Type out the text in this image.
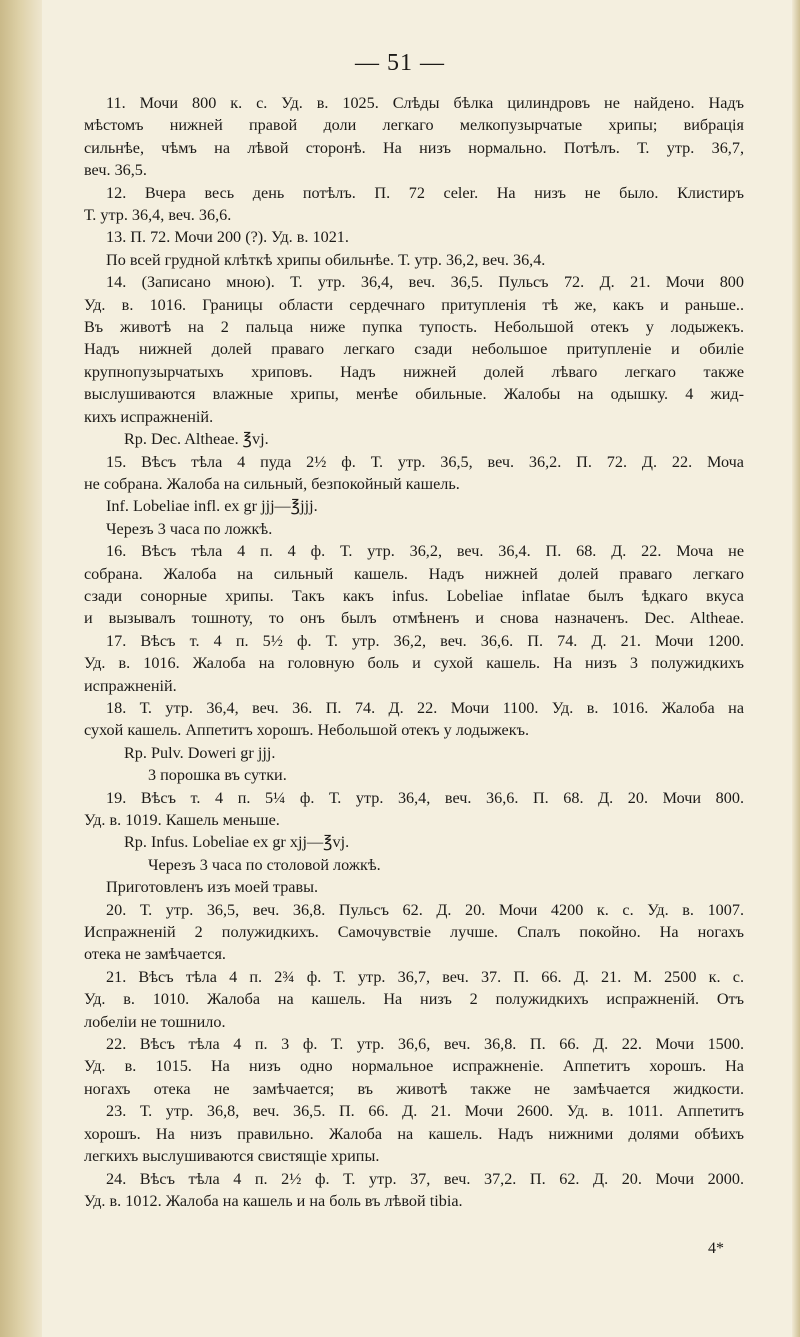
— 51 —
11. Мочи 800 к. с. Уд. в. 1025. Слѣды бѣлка цилиндровъ не найдено. Надъ
мѣстомъ нижней правой доли легкаго мелкопузырчатые хрипы; вибрація
сильнѣе, чѣмъ на лѣвой сторонѣ. На низъ нормально. Потѣлъ. Т. утр. 36,7,
веч. 36,5.
12. Вчера весь день потѣлъ. П. 72 celer. На низъ не было. Клистиръ
Т. утр. 36,4, веч. 36,6.
13. П. 72. Мочи 200 (?). Уд. в. 1021.
По всей грудной клѣткѣ хрипы обильнѣе. Т. утр. 36,2, веч. 36,4.
14. (Записано мною). Т. утр. 36,4, веч. 36,5. Пульсъ 72. Д. 21. Мочи 800
Уд. в. 1016. Границы области сердечнаго притупленія тѣ же, какъ и раньше..
Въ животѣ на 2 пальца ниже пупка тупость. Небольшой отекъ у лодыжекъ.
Надъ нижней долей праваго легкаго сзади небольшое притупленіе и обиліе
крупнопузырчатыхъ хриповъ. Надъ нижней долей лѣваго легкаго также
выслушиваются влажные хрипы, менѣе обильные. Жалобы на одышку. 4 жид-
кихъ испражненій.
Rp. Dec. Altheae. ℥vj.
15. Вѣсъ тѣла 4 пуда 2½ ф. Т. утр. 36,5, веч. 36,2. П. 72. Д. 22. Моча
не собрана. Жалоба на сильный, безпокойный кашель.
Inf. Lobeliae infl. ex gr jjj—℥jjj.
Черезъ 3 часа по ложкѣ.
16. Вѣсъ тѣла 4 п. 4 ф. Т. утр. 36,2, веч. 36,4. П. 68. Д. 22. Моча не
собрана. Жалоба на сильный кашель. Надъ нижней долей праваго легкаго
сзади сонорные хрипы. Такъ какъ infus. Lobeliae inflatae былъ ѣдкаго вкуса
и вызывалъ тошноту, то онъ былъ отмѣненъ и снова назначенъ. Dec. Altheae.
17. Вѣсъ т. 4 п. 5½ ф. Т. утр. 36,2, веч. 36,6. П. 74. Д. 21. Мочи 1200.
Уд. в. 1016. Жалоба на головную боль и сухой кашель. На низъ 3 полужидкихъ
испражненій.
18. Т. утр. 36,4, веч. 36. П. 74. Д. 22. Мочи 1100. Уд. в. 1016. Жалоба на
сухой кашель. Аппетитъ хорошъ. Небольшой отекъ у лодыжекъ.
Rp. Pulv. Doweri gr jjj.
3 порошка въ сутки.
19. Вѣсъ т. 4 п. 5¼ ф. Т. утр. 36,4, веч. 36,6. П. 68. Д. 20. Мочи 800.
Уд. в. 1019. Кашель меньше.
Rp. Infus. Lobeliae ex gr xjj—℥vj.
Черезъ 3 часа по столовой ложкѣ.
Приготовленъ изъ моей травы.
20. Т. утр. 36,5, веч. 36,8. Пульсъ 62. Д. 20. Мочи 4200 к. с. Уд. в. 1007.
Испражненій 2 полужидкихъ. Самочувствіе лучше. Спалъ покойно. На ногахъ
отека не замѣчается.
21. Вѣсъ тѣла 4 п. 2¾ ф. Т. утр. 36,7, веч. 37. П. 66. Д. 21. М. 2500 к. с.
Уд. в. 1010. Жалоба на кашель. На низъ 2 полужидкихъ испражненій. Отъ
лобеліи не тошнило.
22. Вѣсъ тѣла 4 п. 3 ф. Т. утр. 36,6, веч. 36,8. П. 66. Д. 22. Мочи 1500.
Уд. в. 1015. На низъ одно нормальное испражненіе. Аппетитъ хорошъ. На
ногахъ отека не замѣчается; въ животѣ также не замѣчается жидкости.
23. Т. утр. 36,8, веч. 36,5. П. 66. Д. 21. Мочи 2600. Уд. в. 1011. Аппетитъ
хорошъ. На низъ правильно. Жалоба на кашель. Надъ нижними долями обѣихъ
легкихъ выслушиваются свистящіе хрипы.
24. Вѣсъ тѣла 4 п. 2½ ф. Т. утр. 37, веч. 37,2. П. 62. Д. 20. Мочи 2000.
Уд. в. 1012. Жалоба на кашель и на боль въ лѣвой tibia.
4*
